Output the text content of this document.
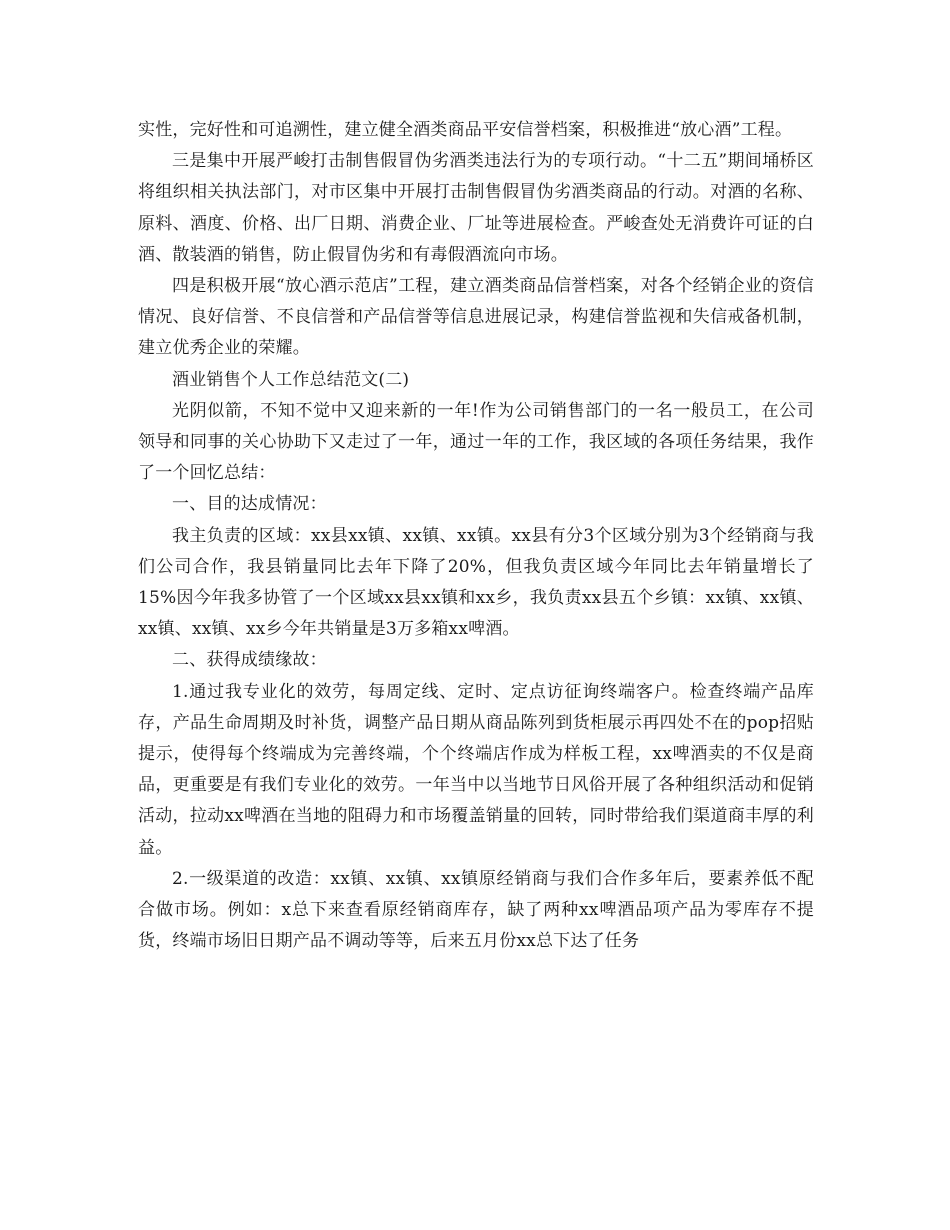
实性，完好性和可追溯性，建立健全酒类商品平安信誉档案，积极推进“放心酒”工程。

三是集中开展严峻打击制售假冒伪劣酒类违法行为的专项行动。“十二五”期间埇桥区将组织相关执法部门，对市区集中开展打击制售假冒伪劣酒类商品的行动。对酒的名称、原料、酒度、价格、出厂日期、消费企业、厂址等进展检查。严峻查处无消费许可证的白酒、散装酒的销售，防止假冒伪劣和有毒假酒流向市场。

四是积极开展“放心酒示范店”工程，建立酒类商品信誉档案，对各个经销企业的资信情况、良好信誉、不良信誉和产品信誉等信息进展记录，构建信誉监视和失信戒备机制，建立优秀企业的荣耀。

酒业销售个人工作总结范文(二)

光阴似箭，不知不觉中又迎来新的一年!作为公司销售部门的一名一般员工，在公司领导和同事的关心协助下又走过了一年，通过一年的工作，我区域的各项任务结果，我作了一个回忆总结：

一、目的达成情况：

我主负责的区域：xx县xx镇、xx镇、xx镇。xx县有分3个区域分别为3个经销商与我们公司合作，我县销量同比去年下降了20%，但我负责区域今年同比去年销量增长了15%因今年我多协管了一个区域xx县xx镇和xx乡，我负责xx县五个乡镇：xx镇、xx镇、xx镇、xx镇、xx乡今年共销量是3万多箱xx啤酒。

二、获得成绩缘故：

1.通过我专业化的效劳，每周定线、定时、定点访征询终端客户。检查终端产品库存，产品生命周期及时补货，调整产品日期从商品陈列到货柜展示再四处不在的pop招贴提示，使得每个终端成为完善终端，个个终端店作成为样板工程，xx啤酒卖的不仅是商品，更重要是有我们专业化的效劳。一年当中以当地节日风俗开展了各种组织活动和促销活动，拉动xx啤酒在当地的阻碍力和市场覆盖销量的回转，同时带给我们渠道商丰厚的利益。

2.一级渠道的改造：xx镇、xx镇、xx镇原经销商与我们合作多年后，要素养低不配合做市场。例如：x总下来查看原经销商库存，缺了两种xx啤酒品项产品为零库存不提货，终端市场旧日期产品不调动等等，后来五月份xx总下达了任务
